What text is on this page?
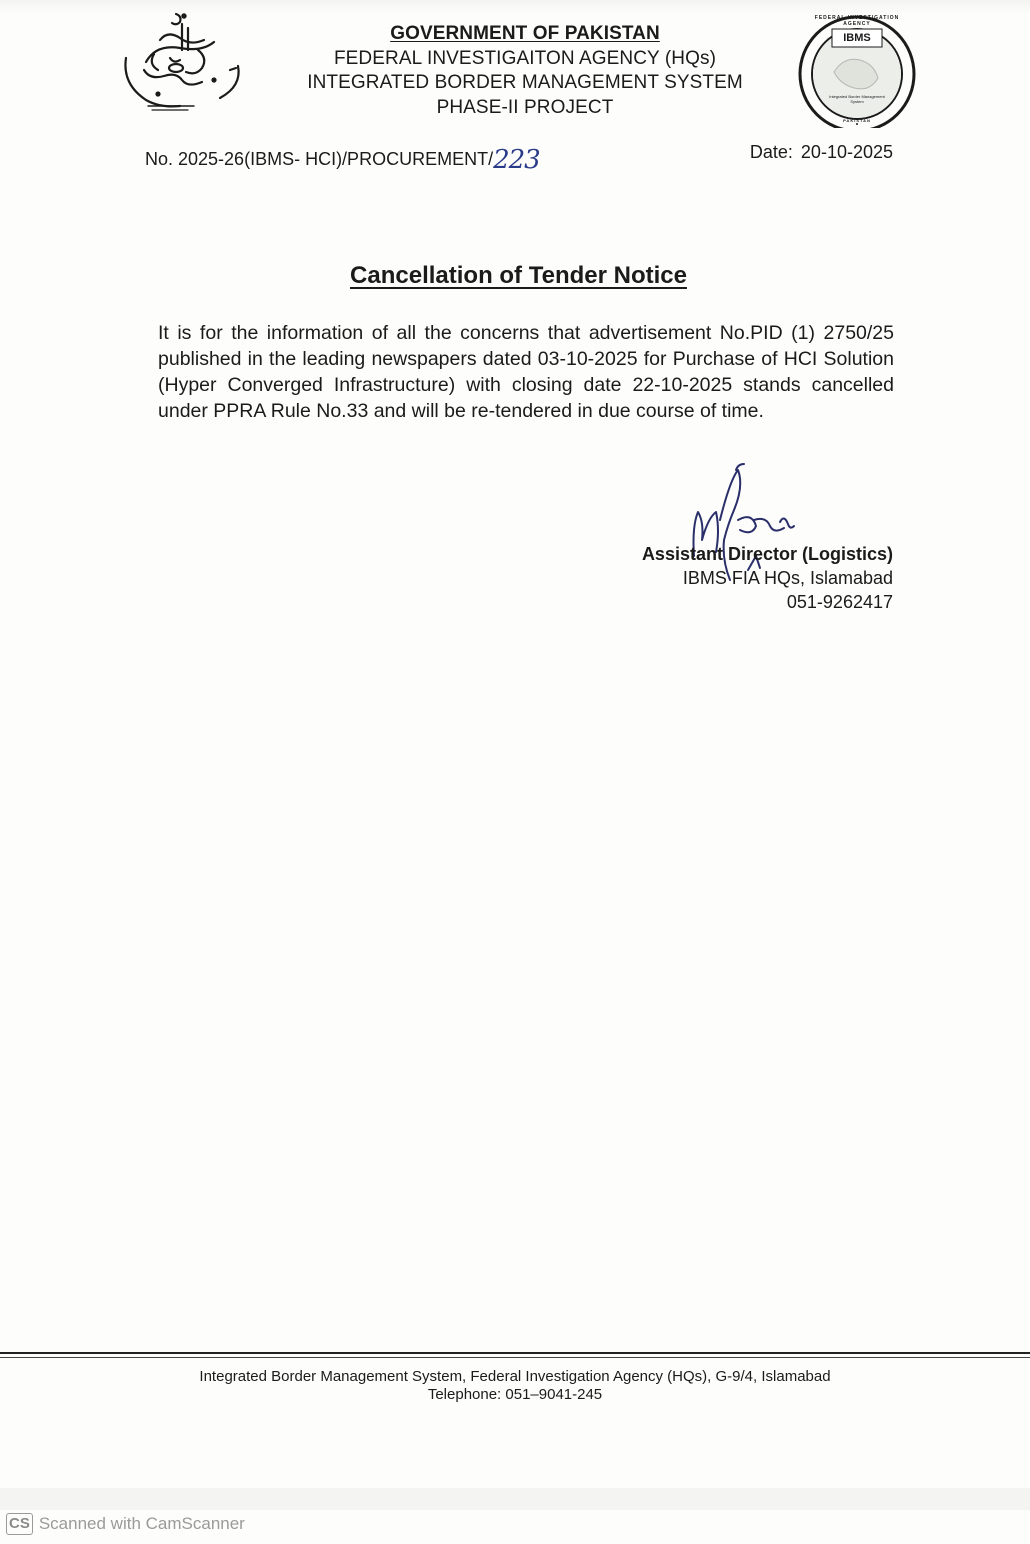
GOVERNMENT OF PAKISTAN
FEDERAL INVESTIGAITON AGENCY (HQs)
INTEGRATED BORDER MANAGEMENT SYSTEM
PHASE-II PROJECT
IBMS
FEDERAL INVESTIGATION AGENCY
Integrated Border Management System
PAKISTAN
No. 2025-26(IBMS- HCI)/PROCUREMENT/223	Date: 20-10-2025
Cancellation of Tender Notice
It is for the information of all the concerns that advertisement No.PID (1) 2750/25 published in the leading newspapers dated 03-10-2025 for Purchase of HCI Solution (Hyper Converged Infrastructure) with closing date 22-10-2025 stands cancelled under PPRA Rule No.33 and will be re-tendered in due course of time.
Assistant Director (Logistics)
IBMS FIA HQs, Islamabad
051-9262417
Integrated Border Management System, Federal Investigation Agency (HQs), G-9/4, Islamabad
Telephone: 051–9041-245
CS Scanned with CamScanner
